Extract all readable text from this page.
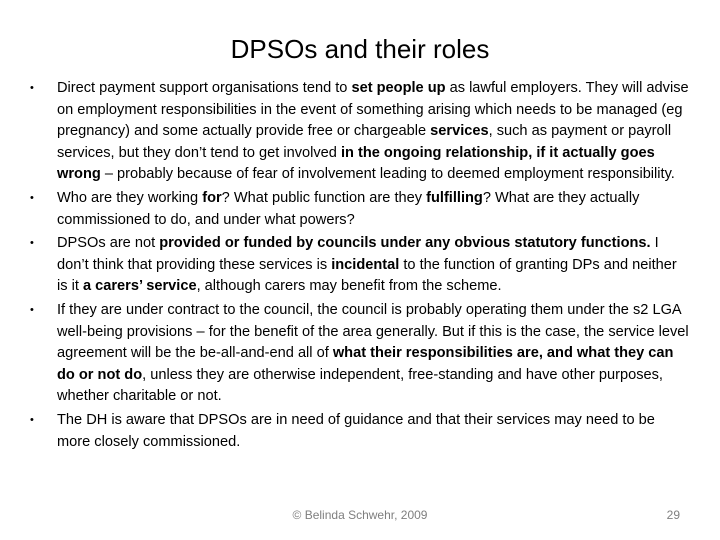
DPSOs and their roles
• Direct payment support organisations tend to set people up as lawful employers. They will advise on employment responsibilities in the event of something arising which needs to be managed (eg pregnancy) and some actually provide free or chargeable services, such as payment or payroll services, but they don’t tend to get involved in the ongoing relationship, if it actually goes wrong – probably because of fear of involvement leading to deemed employment responsibility.
• Who are they working for? What public function are they fulfilling? What are they actually commissioned to do, and under what powers?
• DPSOs are not provided or funded by councils under any obvious statutory functions. I don’t think that providing these services is incidental to the function of granting DPs and neither is it a carers’ service, although carers may benefit from the scheme.
• If they are under contract to the council, the council is probably operating them under the s2 LGA well-being provisions – for the benefit of the area generally. But if this is the case, the service level agreement will be the be-all-and-end all of what their responsibilities are, and what they can do or not do, unless they are otherwise independent, free-standing and have other purposes, whether charitable or not.
• The DH is aware that DPSOs are in need of guidance and that their services may need to be more closely commissioned.
© Belinda Schwehr, 2009	29
